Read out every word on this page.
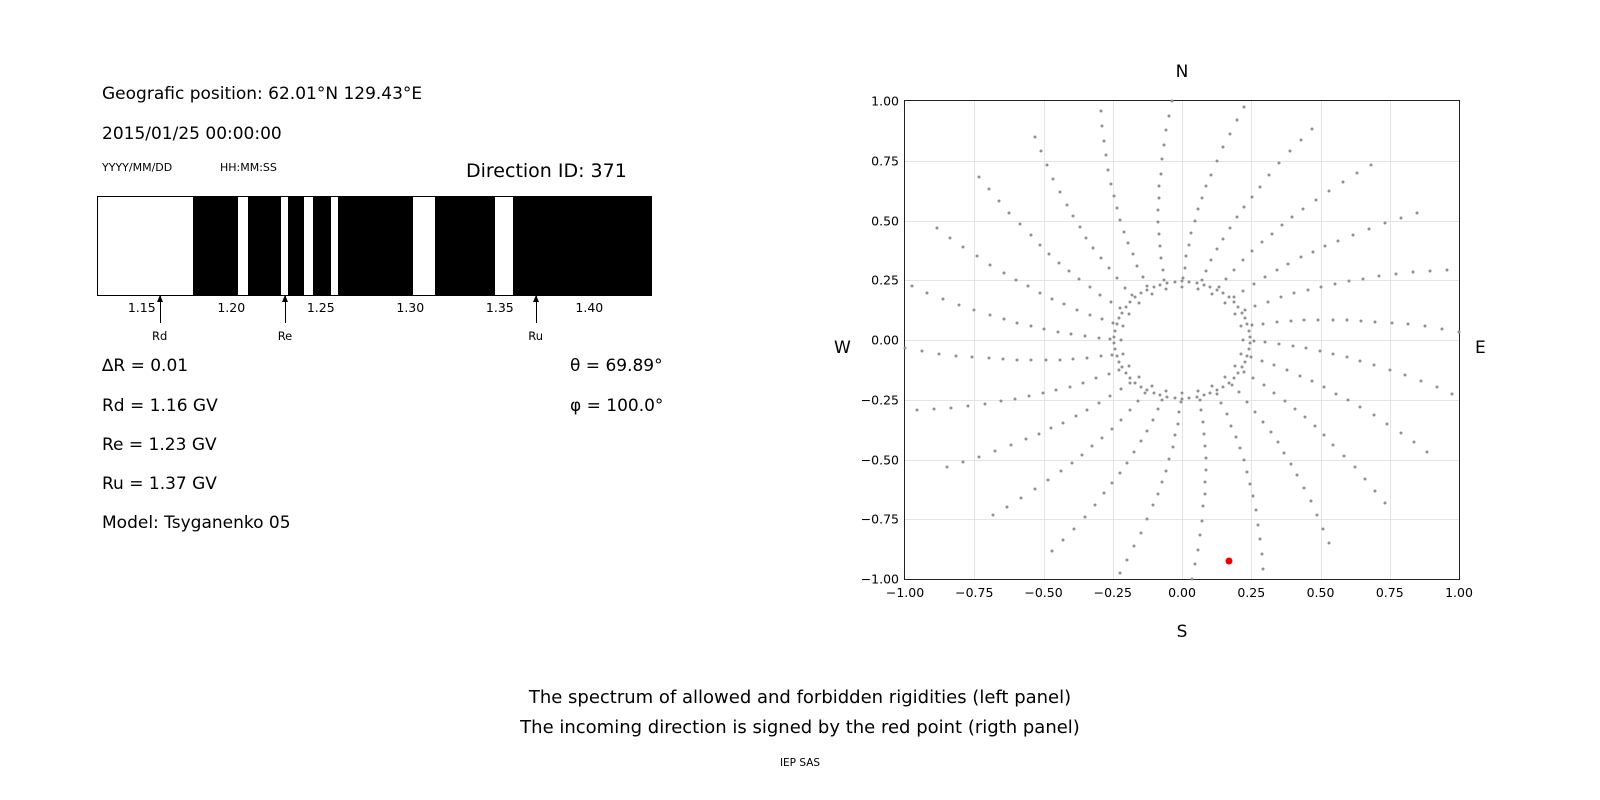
Geografic position: 62.01°N 129.43°E
2015/01/25 00:00:00
YYYY/MM/DD	HH:MM:SS	Direction ID: 371
1.15	1.20	1.25	1.30	1.35	1.40
Rd	Re	Ru
∆R = 0.01
Rd = 1.16 GV
Re = 1.23 GV
Ru = 1.37 GV
Model: Tsyganenko 05
θ = 69.89°
φ = 100.0°
N
S
W	E
−1.00 −0.75 −0.50 −0.25	0.00	0.25	0.50	0.75	1.00
−1.00
−0.75
−0.50
−0.25
0.00
0.25
0.50
0.75
1.00
The spectrum of allowed and forbidden rigidities (left panel)
The incoming direction is signed by the red point (rigth panel)
IEP SAS
